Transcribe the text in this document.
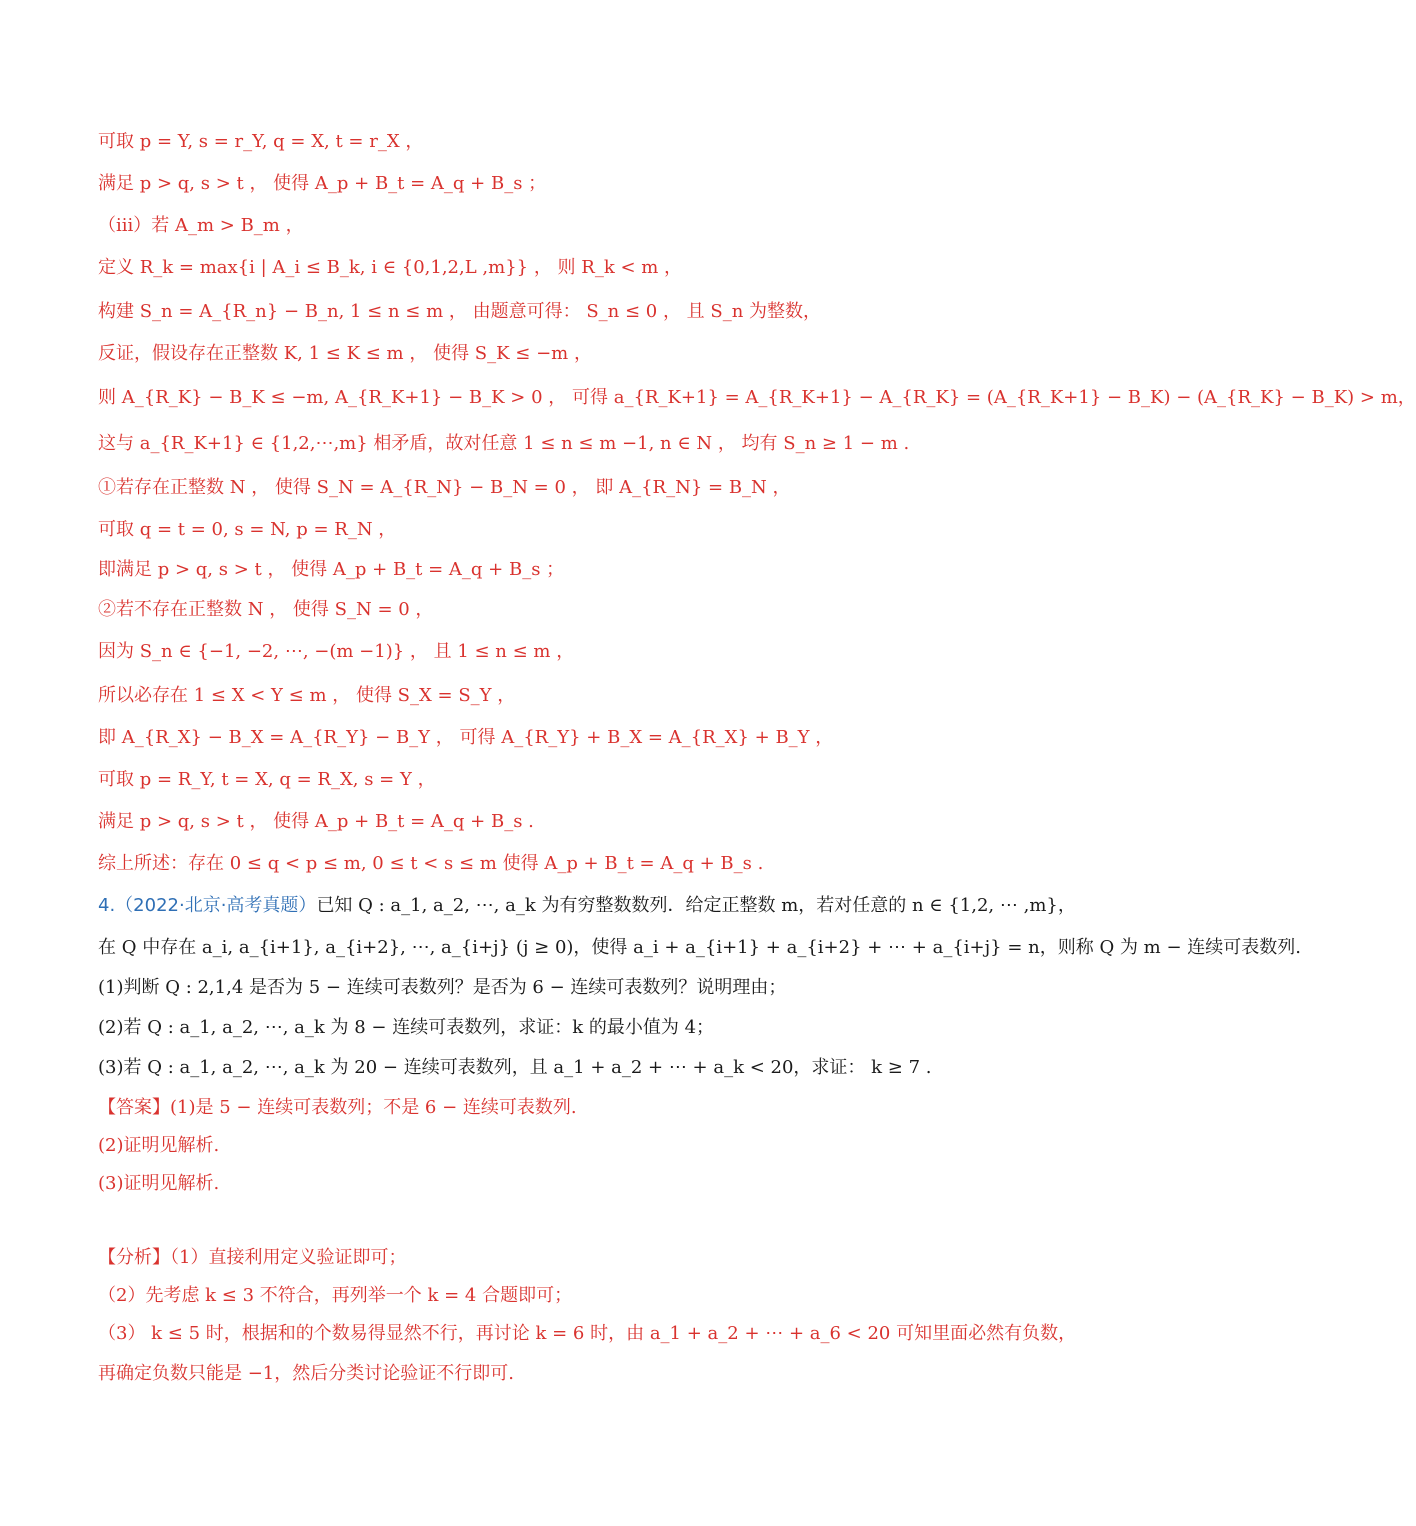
可取 p = Y, s = r_Y, q = X, t = r_X ，
满足 p > q, s > t ， 使得 A_p + B_t = A_q + B_s ；
（ⅲ）若 A_m > B_m ，
定义 R_k = max{i | A_i ≤ B_k, i ∈ {0,1,2,L ,m}} ， 则 R_k < m ，
构建 S_n = A_{R_n} − B_n, 1 ≤ n ≤ m ， 由题意可得： S_n ≤ 0 ， 且 S_n 为整数，
反证，假设存在正整数 K, 1 ≤ K ≤ m ， 使得 S_K ≤ −m ，
则 A_{R_K} − B_K ≤ −m, A_{R_K+1} − B_K > 0 ， 可得 a_{R_K+1} = A_{R_K+1} − A_{R_K} = (A_{R_K+1} − B_K) − (A_{R_K} − B_K) > m，
这与 a_{R_K+1} ∈ {1,2,⋯,m} 相矛盾，故对任意 1 ≤ n ≤ m −1, n ∈ N ， 均有 S_n ≥ 1 − m .
①若存在正整数 N ， 使得 S_N = A_{R_N} − B_N = 0 ， 即 A_{R_N} = B_N ，
可取 q = t = 0, s = N, p = R_N ，
即满足 p > q, s > t ， 使得 A_p + B_t = A_q + B_s ；
②若不存在正整数 N ， 使得 S_N = 0 ，
因为 S_n ∈ {−1, −2, ⋯, −(m −1)} ， 且 1 ≤ n ≤ m ，
所以必存在 1 ≤ X < Y ≤ m ， 使得 S_X = S_Y ，
即 A_{R_X} − B_X = A_{R_Y} − B_Y ， 可得 A_{R_Y} + B_X = A_{R_X} + B_Y ，
可取 p = R_Y, t = X, q = R_X, s = Y ，
满足 p > q, s > t ， 使得 A_p + B_t = A_q + B_s .
综上所述：存在 0 ≤ q < p ≤ m, 0 ≤ t < s ≤ m 使得 A_p + B_t = A_q + B_s .
4.（2022·北京·高考真题）已知 Q : a_1, a_2, ⋯, a_k 为有穷整数数列．给定正整数 m，若对任意的 n ∈ {1,2, ⋯ ,m}，
在 Q 中存在 a_i, a_{i+1}, a_{i+2}, ⋯, a_{i+j} (j ≥ 0)，使得 a_i + a_{i+1} + a_{i+2} + ⋯ + a_{i+j} = n，则称 Q 为 m − 连续可表数列.
(1)判断 Q : 2,1,4 是否为 5 − 连续可表数列？是否为 6 − 连续可表数列？说明理由；
(2)若 Q : a_1, a_2, ⋯, a_k 为 8 − 连续可表数列，求证：k 的最小值为 4；
(3)若 Q : a_1, a_2, ⋯, a_k 为 20 − 连续可表数列，且 a_1 + a_2 + ⋯ + a_k < 20，求证： k ≥ 7 .
【答案】(1)是 5 − 连续可表数列；不是 6 − 连续可表数列.
(2)证明见解析.
(3)证明见解析.
【分析】（1）直接利用定义验证即可；
（2）先考虑 k ≤ 3 不符合，再列举一个 k = 4 合题即可；
（3） k ≤ 5 时，根据和的个数易得显然不行，再讨论 k = 6 时，由 a_1 + a_2 + ⋯ + a_6 < 20 可知里面必然有负数，
再确定负数只能是 −1，然后分类讨论验证不行即可.
